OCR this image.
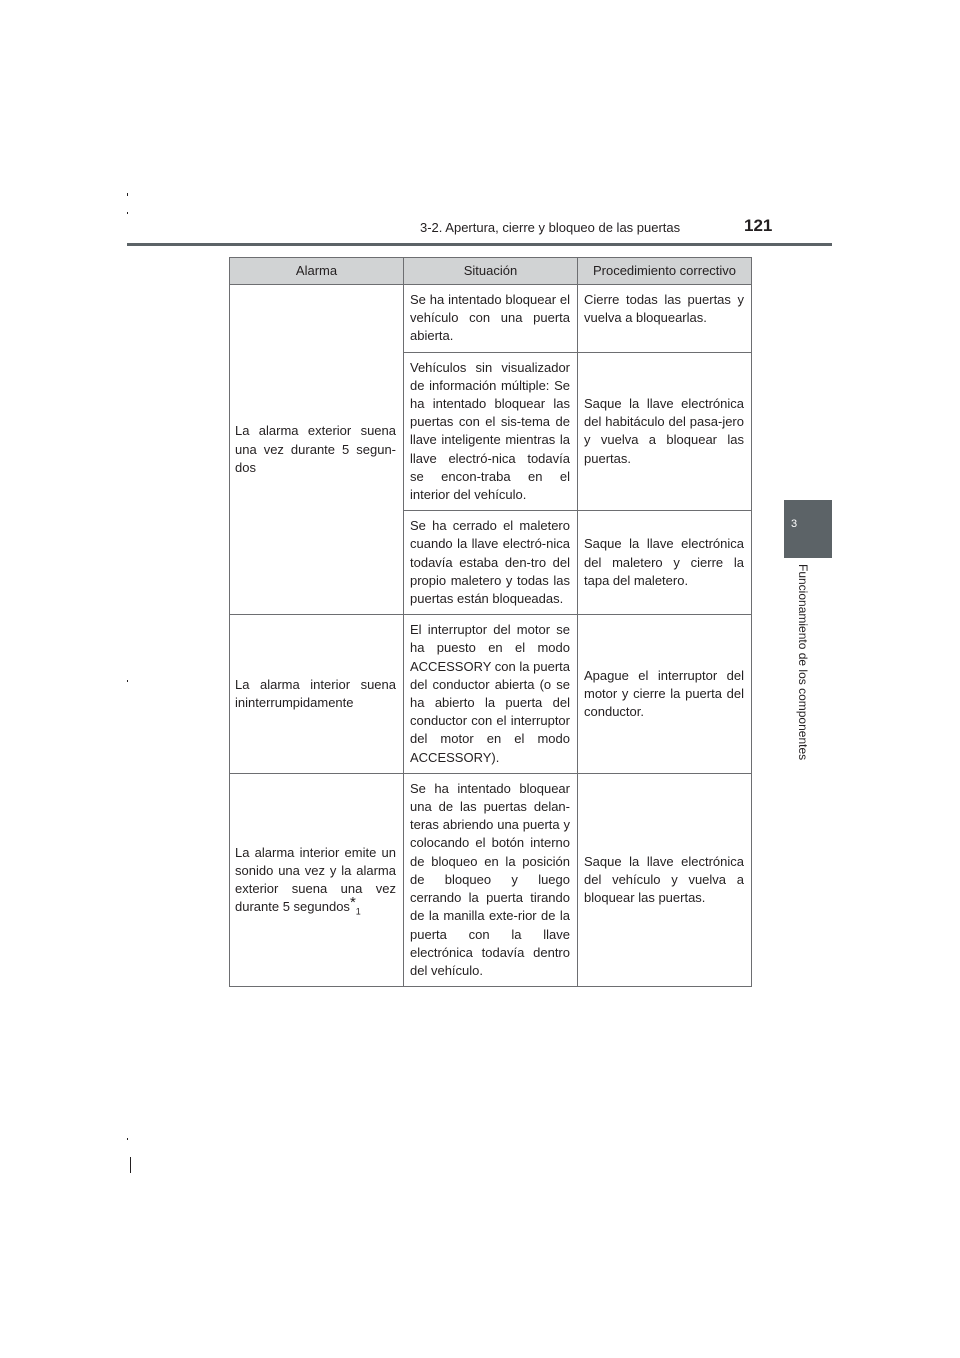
3-2. Apertura, cierre y bloqueo de las puertas	121
3
Funcionamiento de los componentes
Alarma	Situación	Procedimiento correctivo
La alarma exterior suena una vez durante 5 segun-dos	Se ha intentado bloquear el vehículo con una puerta abierta.	Cierre todas las puertas y vuelva a bloquearlas.
	Vehículos sin visualizador de información múltiple: Se ha intentado bloquear las puertas con el sis-tema de llave inteligente mientras la llave electró-nica todavía se encon-traba en el interior del vehículo.	Saque la llave electrónica del habitáculo del pasa-jero y vuelva a bloquear las puertas.
	Se ha cerrado el maletero cuando la llave electró-nica todavía estaba den-tro del propio maletero y todas las puertas están bloqueadas.	Saque la llave electrónica del maletero y cierre la tapa del maletero.
La alarma interior suena ininterrumpidamente	El interruptor del motor se ha puesto en el modo ACCESSORY con la puerta del conductor abierta (o se ha abierto la puerta del conductor con el interruptor del motor en el modo ACCESSORY).	Apague el interruptor del motor y cierre la puerta del conductor.
La alarma interior emite un sonido una vez y la alarma exterior suena una vez durante 5 segundos*$_1$	Se ha intentado bloquear una de las puertas delan-teras abriendo una puerta y colocando el botón interno de bloqueo en la posición de bloqueo y luego cerrando la puerta tirando de la manilla exte-rior de la puerta con la llave electrónica todavía dentro del vehículo.	Saque la llave electrónica del vehículo y vuelva a bloquear las puertas.
